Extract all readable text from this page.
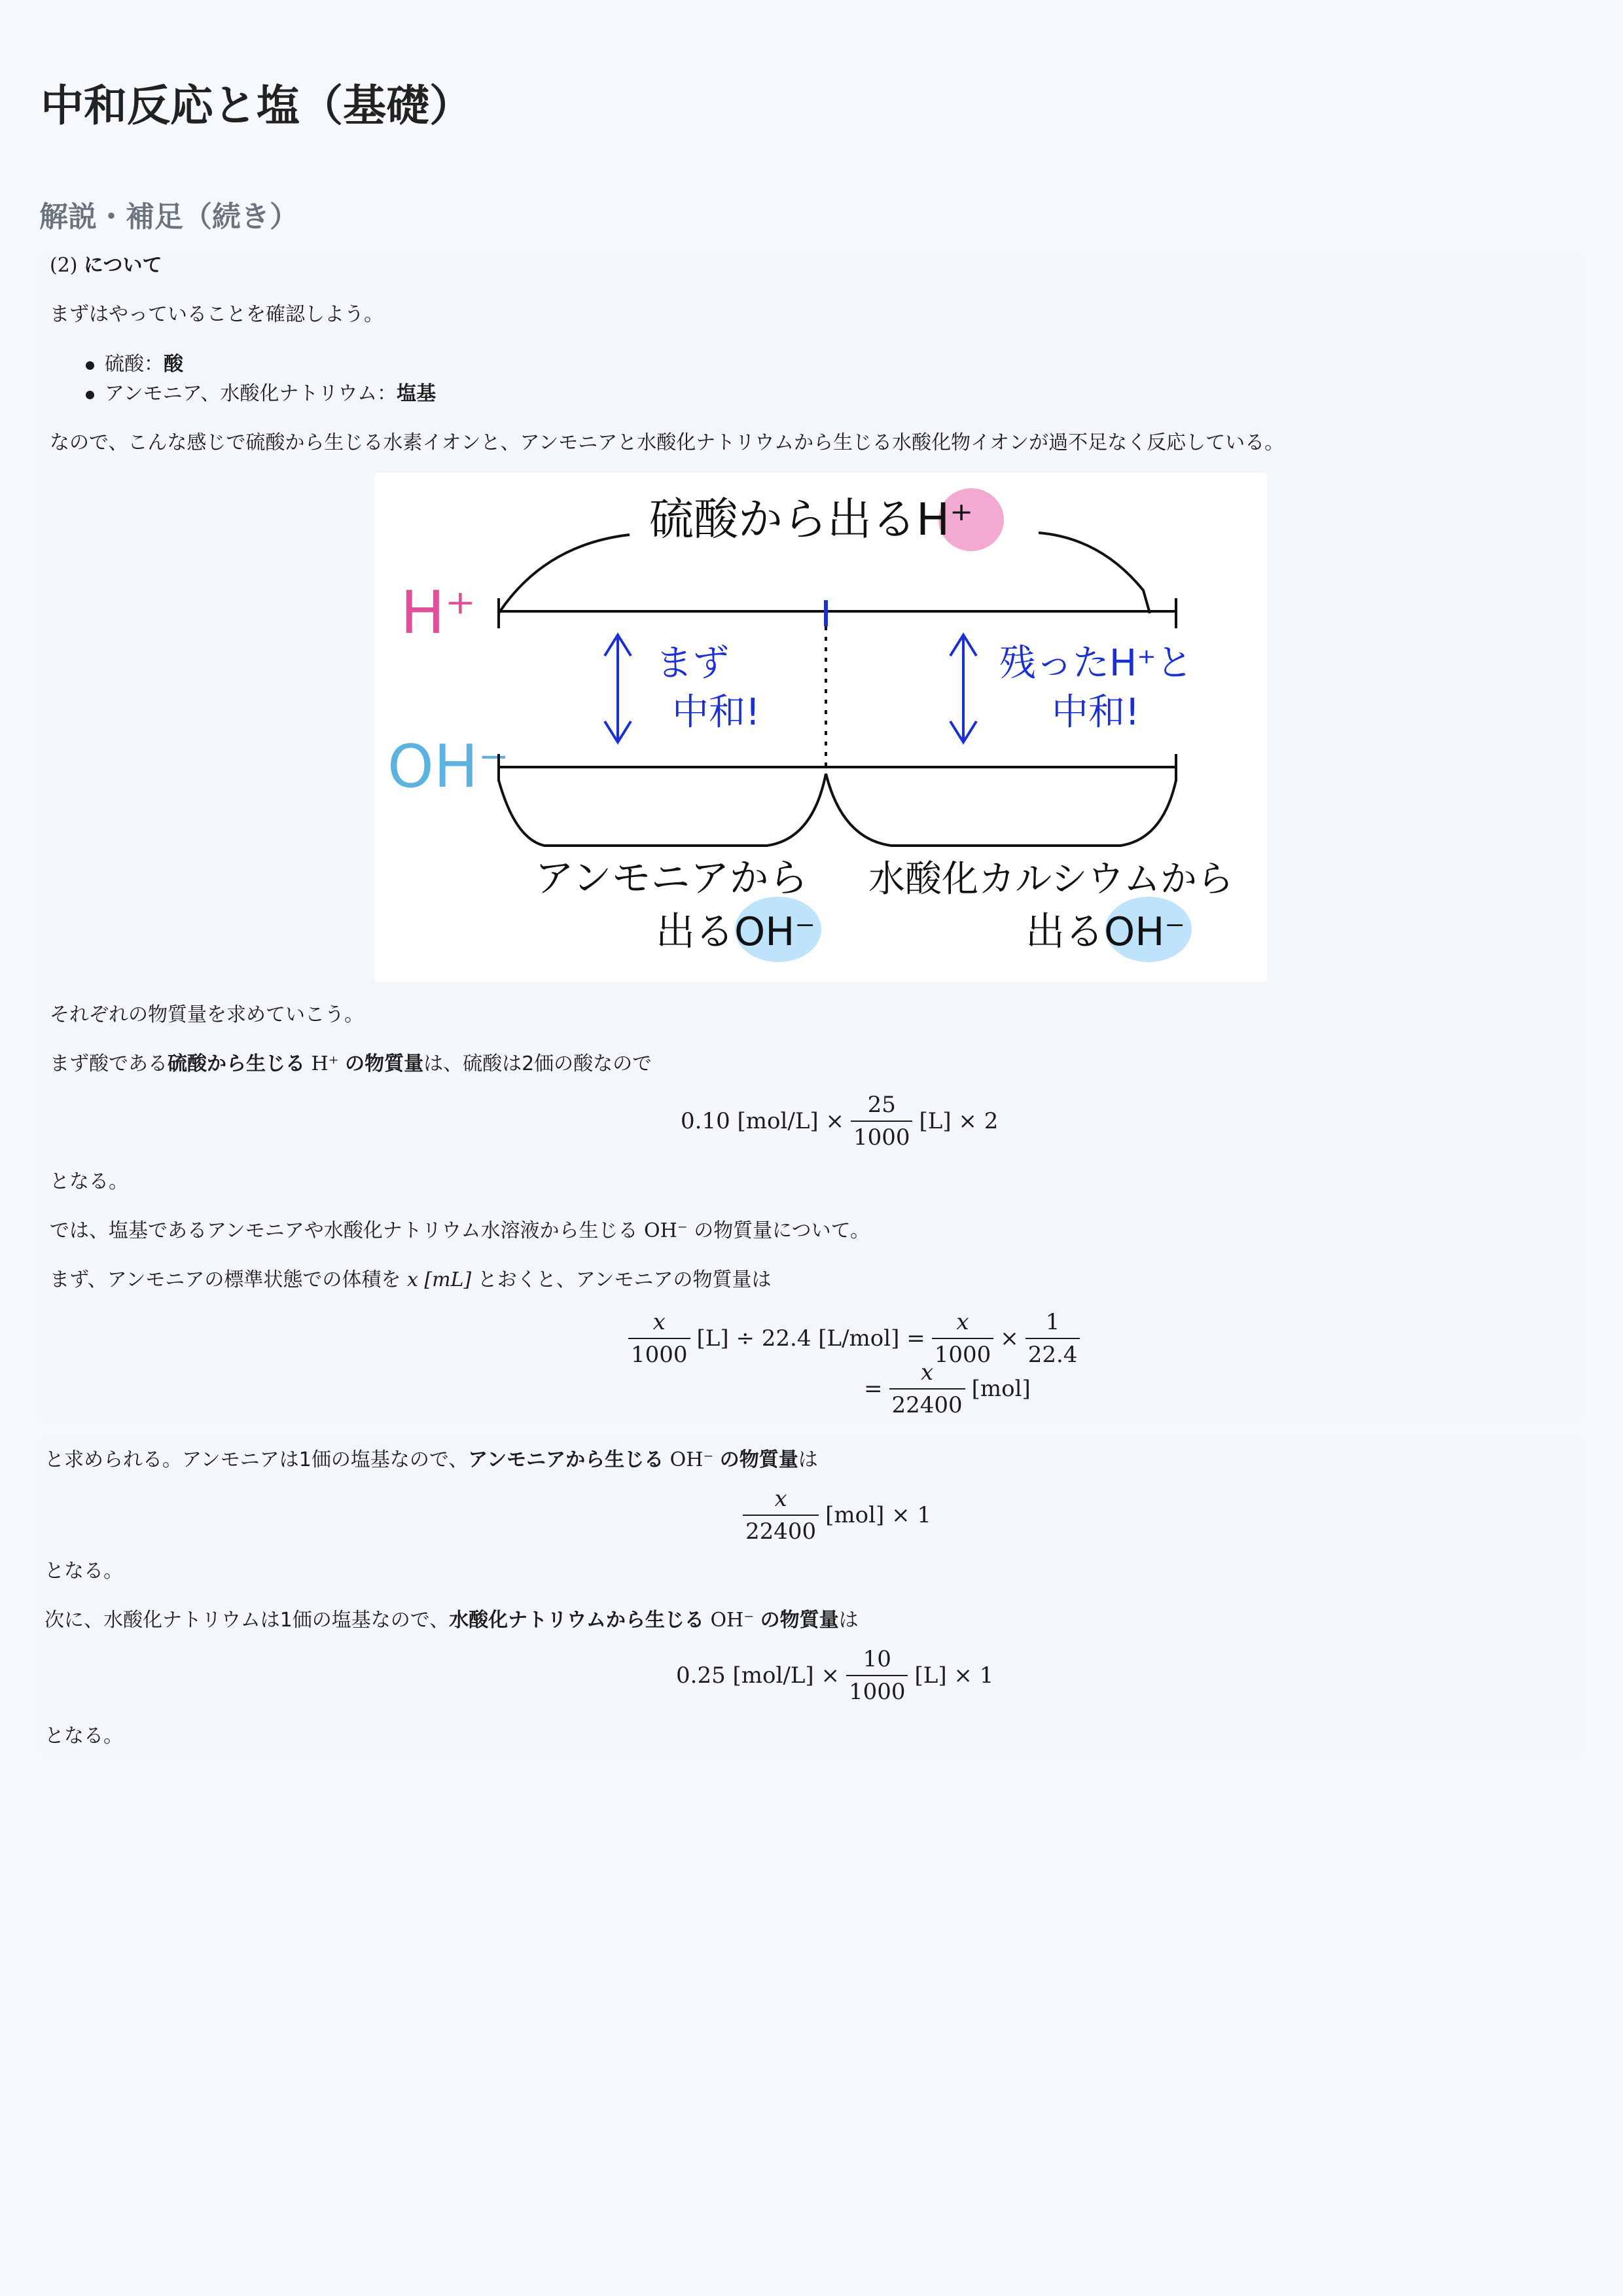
中和反応と塩（基礎）
解説・補足（続き）

(2) について

まずはやっていることを確認しよう。

硫酸：酸

アンモニア、水酸化ナトリウム：塩基

なので、こんな感じで硫酸から生じる水素イオンと、アンモニアと水酸化ナトリウムから生じる水酸化物イオンが過不足なく反応している。

硫酸から出るH⁺
H⁺
OH⁻
まず
中和!
残ったH⁺と
中和!
アンモニアから
出るOH⁻
水酸化カルシウムから
出るOH⁻

それぞれの物質量を求めていこう。

まず酸である硫酸から生じる H⁺ の物質量は、硫酸は2価の酸なので

0.10 $[mol/L] \times \frac{25}{1000} [L] \times 2$

となる。

では、塩基であるアンモニアや水酸化ナトリウム水溶液から生じる OH⁻ の物質量について。

まず、アンモニアの標準状態での体積を x [mL] とおくと、アンモニアの物質量は

$\frac{x}{1000} [L] \div 22.4$ $[L/mol] = \frac{x}{1000} \times \frac{1}{22.4}$
= $\frac{x}{22400} [mol]$

と求められる。アンモニアは1価の塩基なので、アンモニアから生じる OH⁻ の物質量は

$\frac{x}{22400} [mol] \times 1$

となる。

次に、水酸化ナトリウムは1価の塩基なので、水酸化ナトリウムから生じる OH⁻ の物質量は

0.25 $[mol/L] \times \frac{10}{1000} [L] \times 1$

となる。
